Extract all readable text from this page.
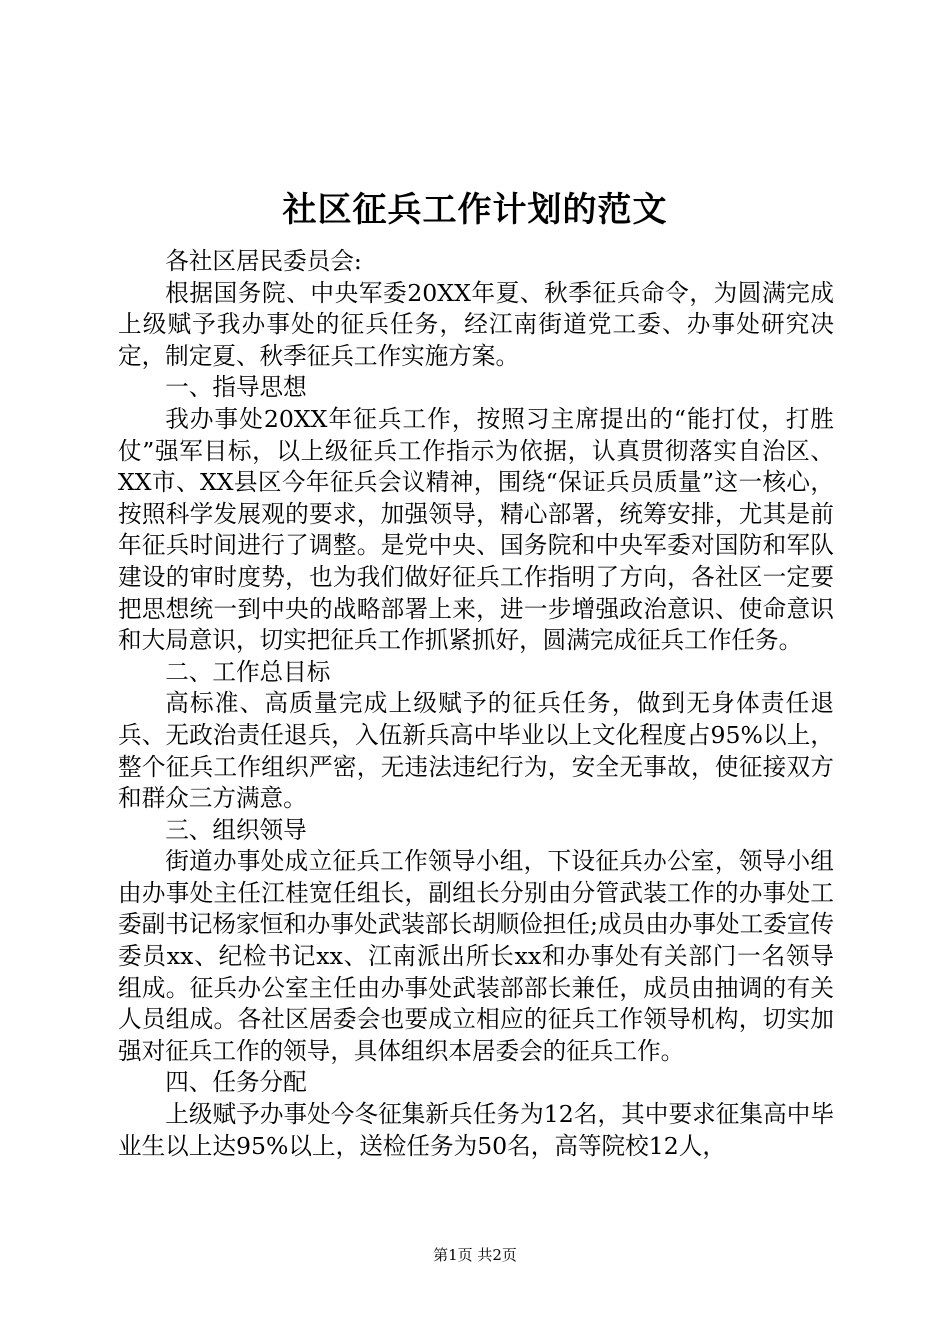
社区征兵工作计划的范文

各社区居民委员会:

根据国务院、中央军委20XX年夏、秋季征兵命令，为圆满完成上级赋予我办事处的征兵任务，经江南街道党工委、办事处研究决定，制定夏、秋季征兵工作实施方案。

一、指导思想

我办事处20XX年征兵工作，按照习主席提出的“能打仗，打胜仗”强军目标，以上级征兵工作指示为依据，认真贯彻落实自治区、XX市、XX县区今年征兵会议精神，围绕“保证兵员质量”这一核心，按照科学发展观的要求，加强领导，精心部署，统筹安排，尤其是前年征兵时间进行了调整。是党中央、国务院和中央军委对国防和军队建设的审时度势，也为我们做好征兵工作指明了方向，各社区一定要把思想统一到中央的战略部署上来，进一步增强政治意识、使命意识和大局意识，切实把征兵工作抓紧抓好，圆满完成征兵工作任务。

二、工作总目标

高标准、高质量完成上级赋予的征兵任务，做到无身体责任退兵、无政治责任退兵，入伍新兵高中毕业以上文化程度占95%以上，整个征兵工作组织严密，无违法违纪行为，安全无事故，使征接双方和群众三方满意。

三、组织领导

街道办事处成立征兵工作领导小组，下设征兵办公室，领导小组由办事处主任江桂宽任组长，副组长分别由分管武装工作的办事处工委副书记杨家恒和办事处武装部长胡顺俭担任;成员由办事处工委宣传委员xx、纪检书记xx、江南派出所长xx和办事处有关部门一名领导组成。征兵办公室主任由办事处武装部部长兼任，成员由抽调的有关人员组成。各社区居委会也要成立相应的征兵工作领导机构，切实加强对征兵工作的领导，具体组织本居委会的征兵工作。

四、任务分配

上级赋予办事处今冬征集新兵任务为12名，其中要求征集高中毕业生以上达95%以上，送检任务为50名，高等院校12人，

第1页 共2页
